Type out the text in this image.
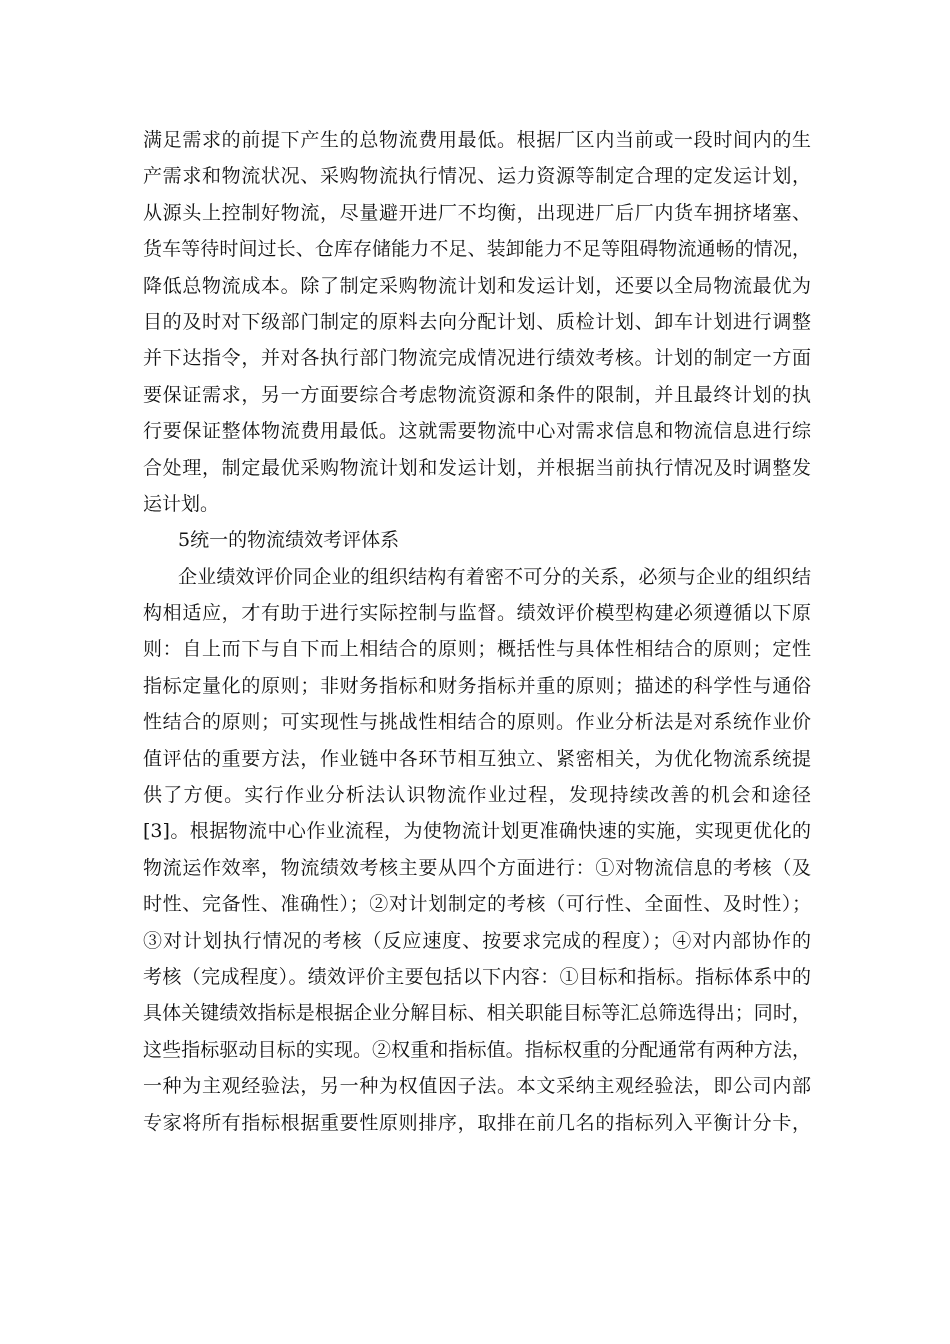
满足需求的前提下产生的总物流费用最低。根据厂区内当前或一段时间内的生
产需求和物流状况、采购物流执行情况、运力资源等制定合理的定发运计划，
从源头上控制好物流，尽量避开进厂不均衡，出现进厂后厂内货车拥挤堵塞、
货车等待时间过长、仓库存储能力不足、装卸能力不足等阻碍物流通畅的情况，
降低总物流成本。除了制定采购物流计划和发运计划，还要以全局物流最优为
目的及时对下级部门制定的原料去向分配计划、质检计划、卸车计划进行调整
并下达指令，并对各执行部门物流完成情况进行绩效考核。计划的制定一方面
要保证需求，另一方面要综合考虑物流资源和条件的限制，并且最终计划的执
行要保证整体物流费用最低。这就需要物流中心对需求信息和物流信息进行综
合处理，制定最优采购物流计划和发运计划，并根据当前执行情况及时调整发
运计划。
5统一的物流绩效考评体系
企业绩效评价同企业的组织结构有着密不可分的关系，必须与企业的组织结
构相适应，才有助于进行实际控制与监督。绩效评价模型构建必须遵循以下原
则：自上而下与自下而上相结合的原则；概括性与具体性相结合的原则；定性
指标定量化的原则；非财务指标和财务指标并重的原则；描述的科学性与通俗
性结合的原则；可实现性与挑战性相结合的原则。作业分析法是对系统作业价
值评估的重要方法，作业链中各环节相互独立、紧密相关，为优化物流系统提
供了方便。实行作业分析法认识物流作业过程，发现持续改善的机会和途径
[3]。根据物流中心作业流程，为使物流计划更准确快速的实施，实现更优化的
物流运作效率，物流绩效考核主要从四个方面进行：①对物流信息的考核（及
时性、完备性、准确性）；②对计划制定的考核（可行性、全面性、及时性）；
③对计划执行情况的考核（反应速度、按要求完成的程度）；④对内部协作的
考核（完成程度）。绩效评价主要包括以下内容：①目标和指标。指标体系中的
具体关键绩效指标是根据企业分解目标、相关职能目标等汇总筛选得出；同时，
这些指标驱动目标的实现。②权重和指标值。指标权重的分配通常有两种方法，
一种为主观经验法，另一种为权值因子法。本文采纳主观经验法，即公司内部
专家将所有指标根据重要性原则排序，取排在前几名的指标列入平衡计分卡，
